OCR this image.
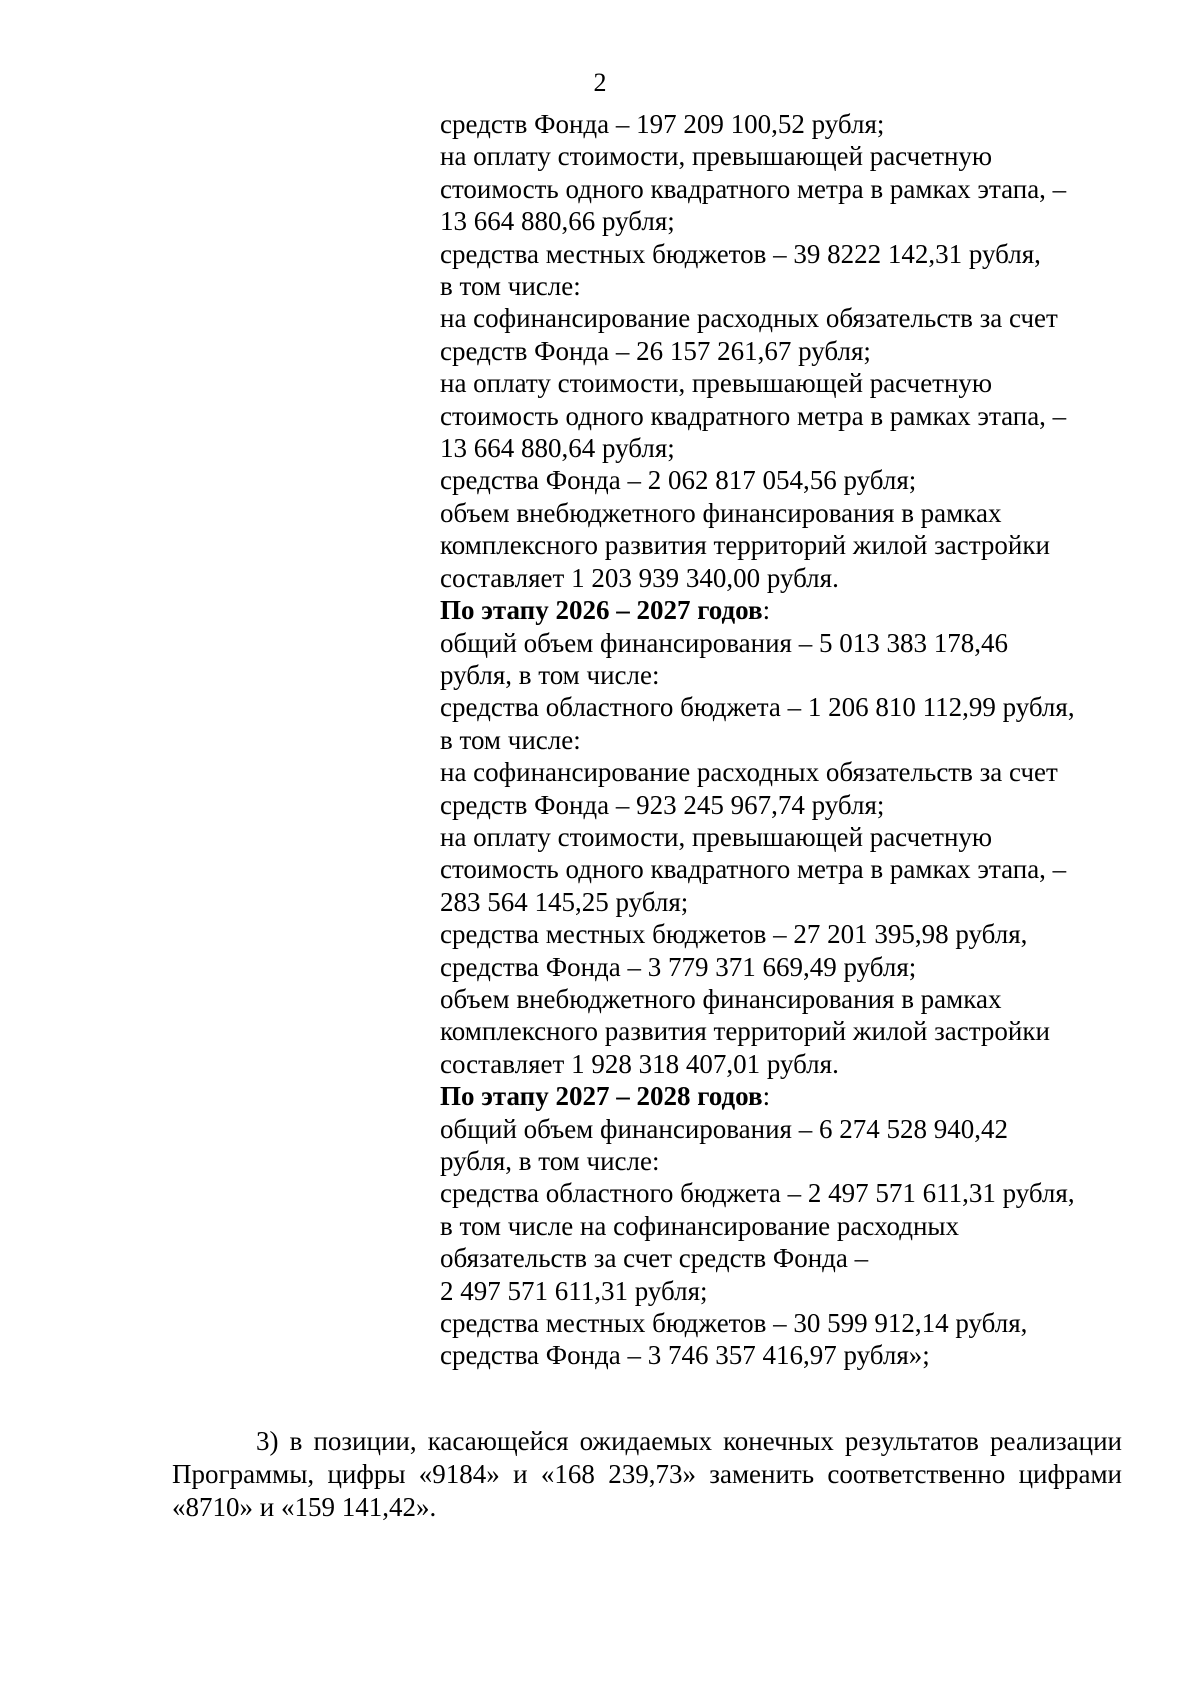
2
средств Фонда – 197 209 100,52 рубля;
на оплату стоимости, превышающей расчетную
стоимость одного квадратного метра в рамках этапа, –
13 664 880,66 рубля;
средства местных бюджетов – 39 8222 142,31 рубля,
в том числе:
на софинансирование расходных обязательств за счет
средств Фонда – 26 157 261,67 рубля;
на оплату стоимости, превышающей расчетную
стоимость одного квадратного метра в рамках этапа, –
13 664 880,64 рубля;
средства Фонда – 2 062 817 054,56 рубля;
объем внебюджетного финансирования в рамках
комплексного развития территорий жилой застройки
составляет 1 203 939 340,00 рубля.
По этапу 2026 – 2027 годов:
общий объем финансирования – 5 013 383 178,46
рубля, в том числе:
средства областного бюджета – 1 206 810 112,99 рубля,
в том числе:
на софинансирование расходных обязательств за счет
средств Фонда – 923 245 967,74 рубля;
на оплату стоимости, превышающей расчетную
стоимость одного квадратного метра в рамках этапа, –
283 564 145,25 рубля;
средства местных бюджетов – 27 201 395,98 рубля,
средства Фонда – 3 779 371 669,49 рубля;
объем внебюджетного финансирования в рамках
комплексного развития территорий жилой застройки
составляет 1 928 318 407,01 рубля.
По этапу 2027 – 2028 годов:
общий объем финансирования – 6 274 528 940,42
рубля, в том числе:
средства областного бюджета – 2 497 571 611,31 рубля,
в том числе на софинансирование расходных
обязательств за счет средств Фонда –
2 497 571 611,31 рубля;
средства местных бюджетов – 30 599 912,14 рубля,
средства Фонда – 3 746 357 416,97 рубля»;
3) в позиции, касающейся ожидаемых конечных результатов реализации
Программы, цифры «9184» и «168 239,73» заменить соответственно цифрами
«8710» и «159 141,42».
